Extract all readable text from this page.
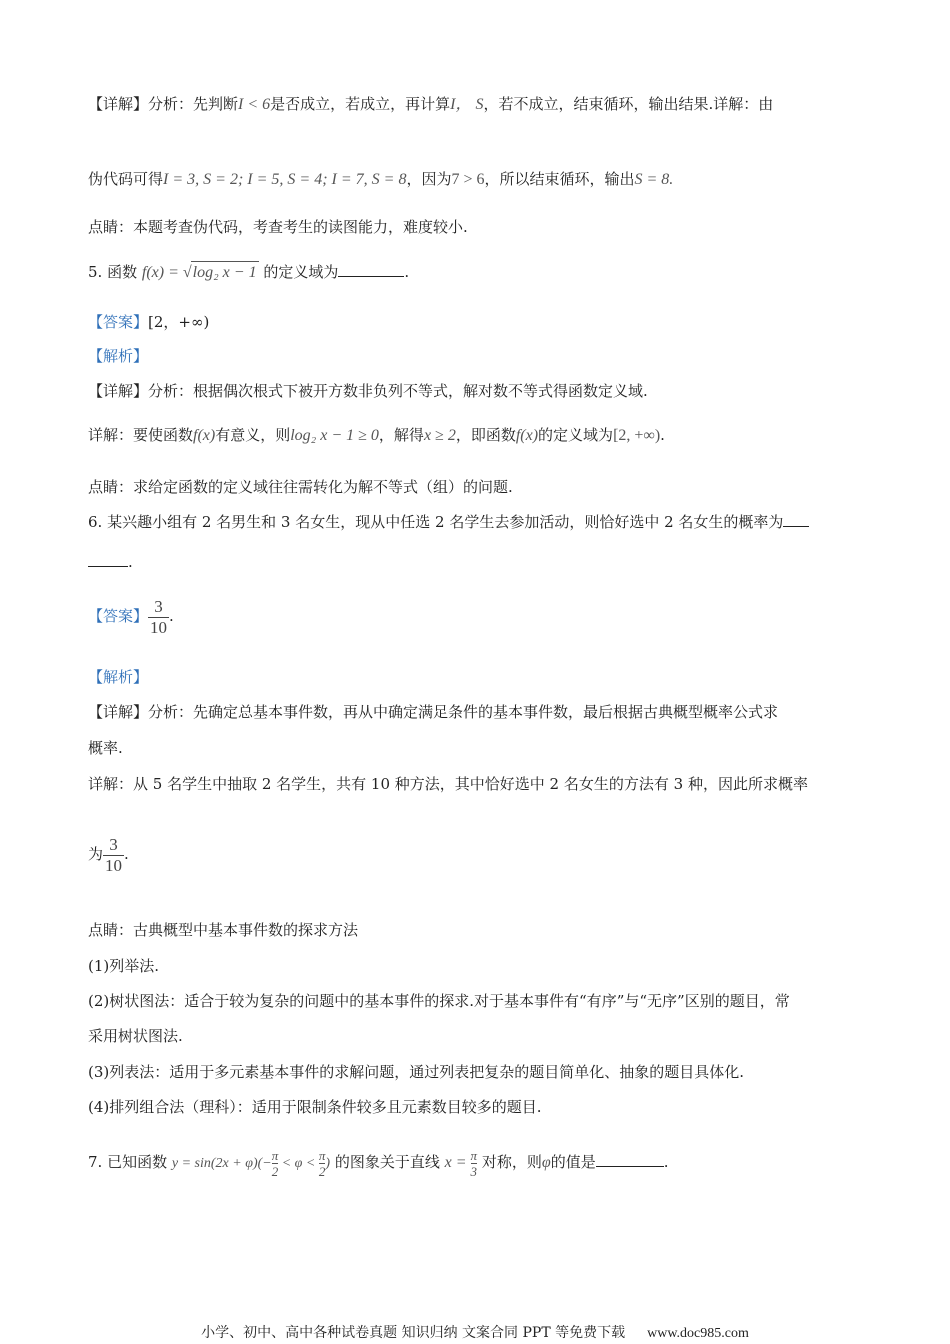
【详解】分析：先判断I < 6是否成立，若成立，再计算I， S，若不成立，结束循环，输出结果.详解：由
伪代码可得I = 3, S = 2; I = 5, S = 4; I = 7, S = 8，因为7 > 6，所以结束循环，输出S = 8.
点睛：本题考查伪代码，考查考生的读图能力，难度较小.
5. 函数 f(x) = √log₂ x − 1 的定义域为	.
【答案】[2，+∞)
【解析】
【详解】分析：根据偶次根式下被开方数非负列不等式，解对数不等式得函数定义域.
详解：要使函数f(x)有意义，则log₂ x − 1 ≥ 0，解得x ≥ 2，即函数f(x)的定义域为[2, +∞).
点睛：求给定函数的定义域往往需转化为解不等式（组）的问题.
6. 某兴趣小组有 2 名男生和 3 名女生，现从中任选 2 名学生去参加活动，则恰好选中 2 名女生的概率为
.
【答案】 $\frac{3}{10}$ .
【解析】
【详解】分析：先确定总基本事件数，再从中确定满足条件的基本事件数，最后根据古典概型概率公式求
概率.
详解：从 5 名学生中抽取 2 名学生，共有 10 种方法，其中恰好选中 2 名女生的方法有 3 种，因此所求概率
为 $\frac{3}{10}$ .
点睛：古典概型中基本事件数的探求方法
(1)列举法.
(2)树状图法：适合于较为复杂的问题中的基本事件的探求.对于基本事件有“有序”与“无序”区别的题目，常
采用树状图法.
(3)列表法：适用于多元素基本事件的求解问题，通过列表把复杂的题目简单化、抽象的题目具体化.
(4)排列组合法（理科）：适用于限制条件较多且元素数目较多的题目.
7. 已知函数 $y = \sin(2x + \varphi)(- \frac{\pi}{2} < \varphi < \frac{\pi}{2}$ ) 的图象关于直线 $x = \frac{\pi}{3}$ 对称，则φ的值是	.
小学、初中、高中各种试卷真题 知识归纳 文案合同 PPT 等免费下载 www.doc985.com
